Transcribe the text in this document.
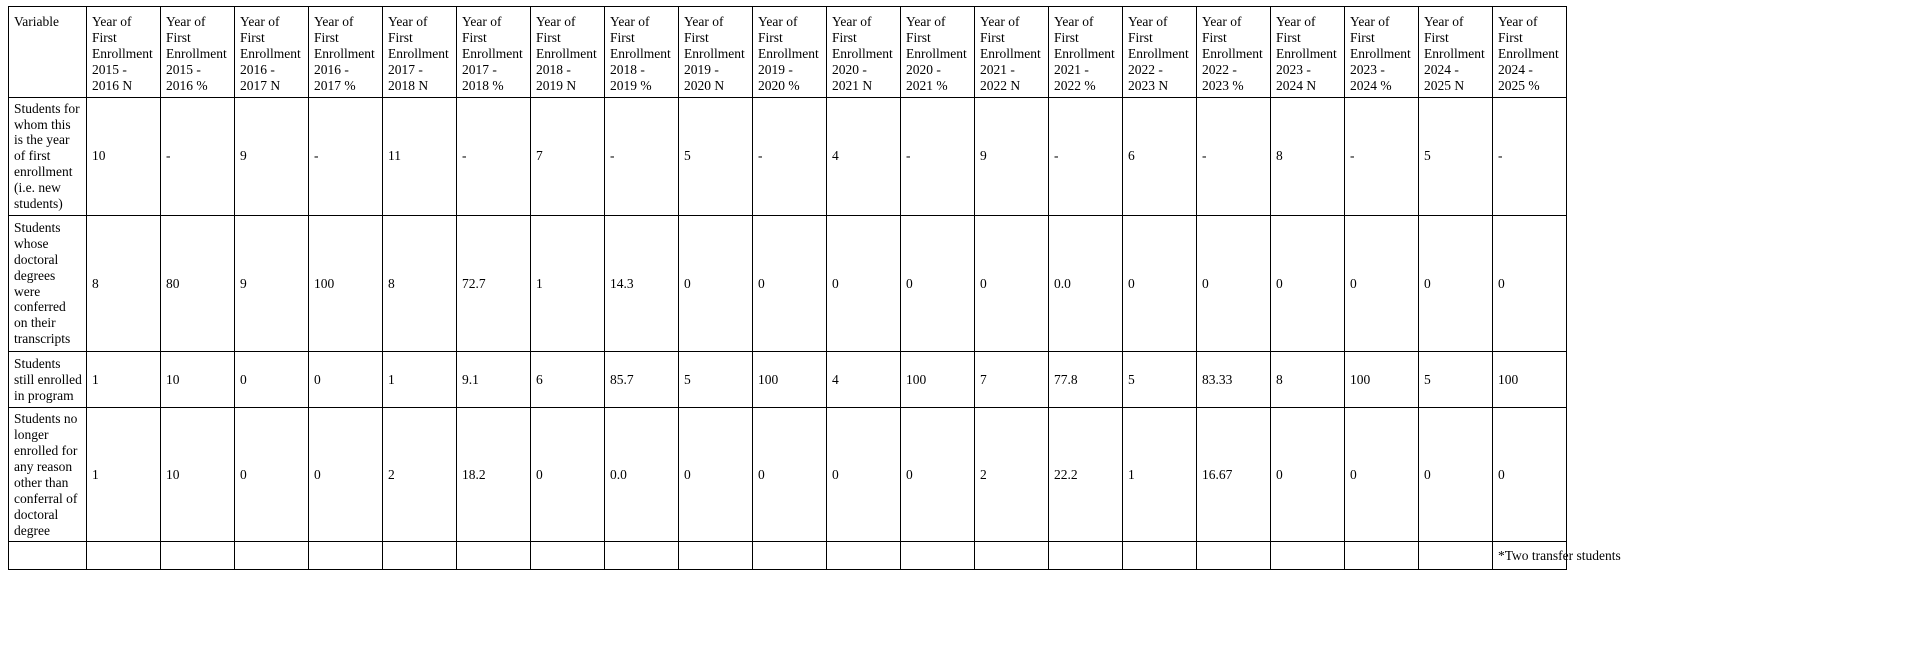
Variable	Year of First Enrollment 2015 - 2016 N	Year of First Enrollment 2015 - 2016 %	Year of First Enrollment 2016 - 2017 N	Year of First Enrollment 2016 - 2017 %	Year of First Enrollment 2017 - 2018 N	Year of First Enrollment 2017 - 2018 %	Year of First Enrollment 2018 - 2019 N	Year of First Enrollment 2018 - 2019 %	Year of First Enrollment 2019 - 2020 N	Year of First Enrollment 2019 - 2020 %	Year of First Enrollment 2020 - 2021 N	Year of First Enrollment 2020 - 2021 %	Year of First Enrollment 2021 - 2022 N	Year of First Enrollment 2021 - 2022 %	Year of First Enrollment 2022 - 2023 N	Year of First Enrollment 2022 - 2023 %	Year of First Enrollment 2023 - 2024 N	Year of First Enrollment 2023 - 2024 %	Year of First Enrollment 2024 - 2025 N	Year of First Enrollment 2024 - 2025 %
Students for whom this is the year of first enrollment (i.e. new students)	10	-	9	-	11	-	7	-	5	-	4	-	9	-	6	-	8	-	5	-
Students whose doctoral degrees were conferred on their transcripts	8	80	9	100	8	72.7	1	14.3	0	0	0	0	0	0.0	0	0	0	0	0	0
Students still enrolled in program	1	10	0	0	1	9.1	6	85.7	5	100	4	100	7	77.8	5	83.33	8	100	5	100
Students no longer enrolled for any reason other than conferral of doctoral degree	1	10	0	0	2	18.2	0	0.0	0	0	0	0	2	22.2	1	16.67	0	0	0	0
																				*Two transfer students
